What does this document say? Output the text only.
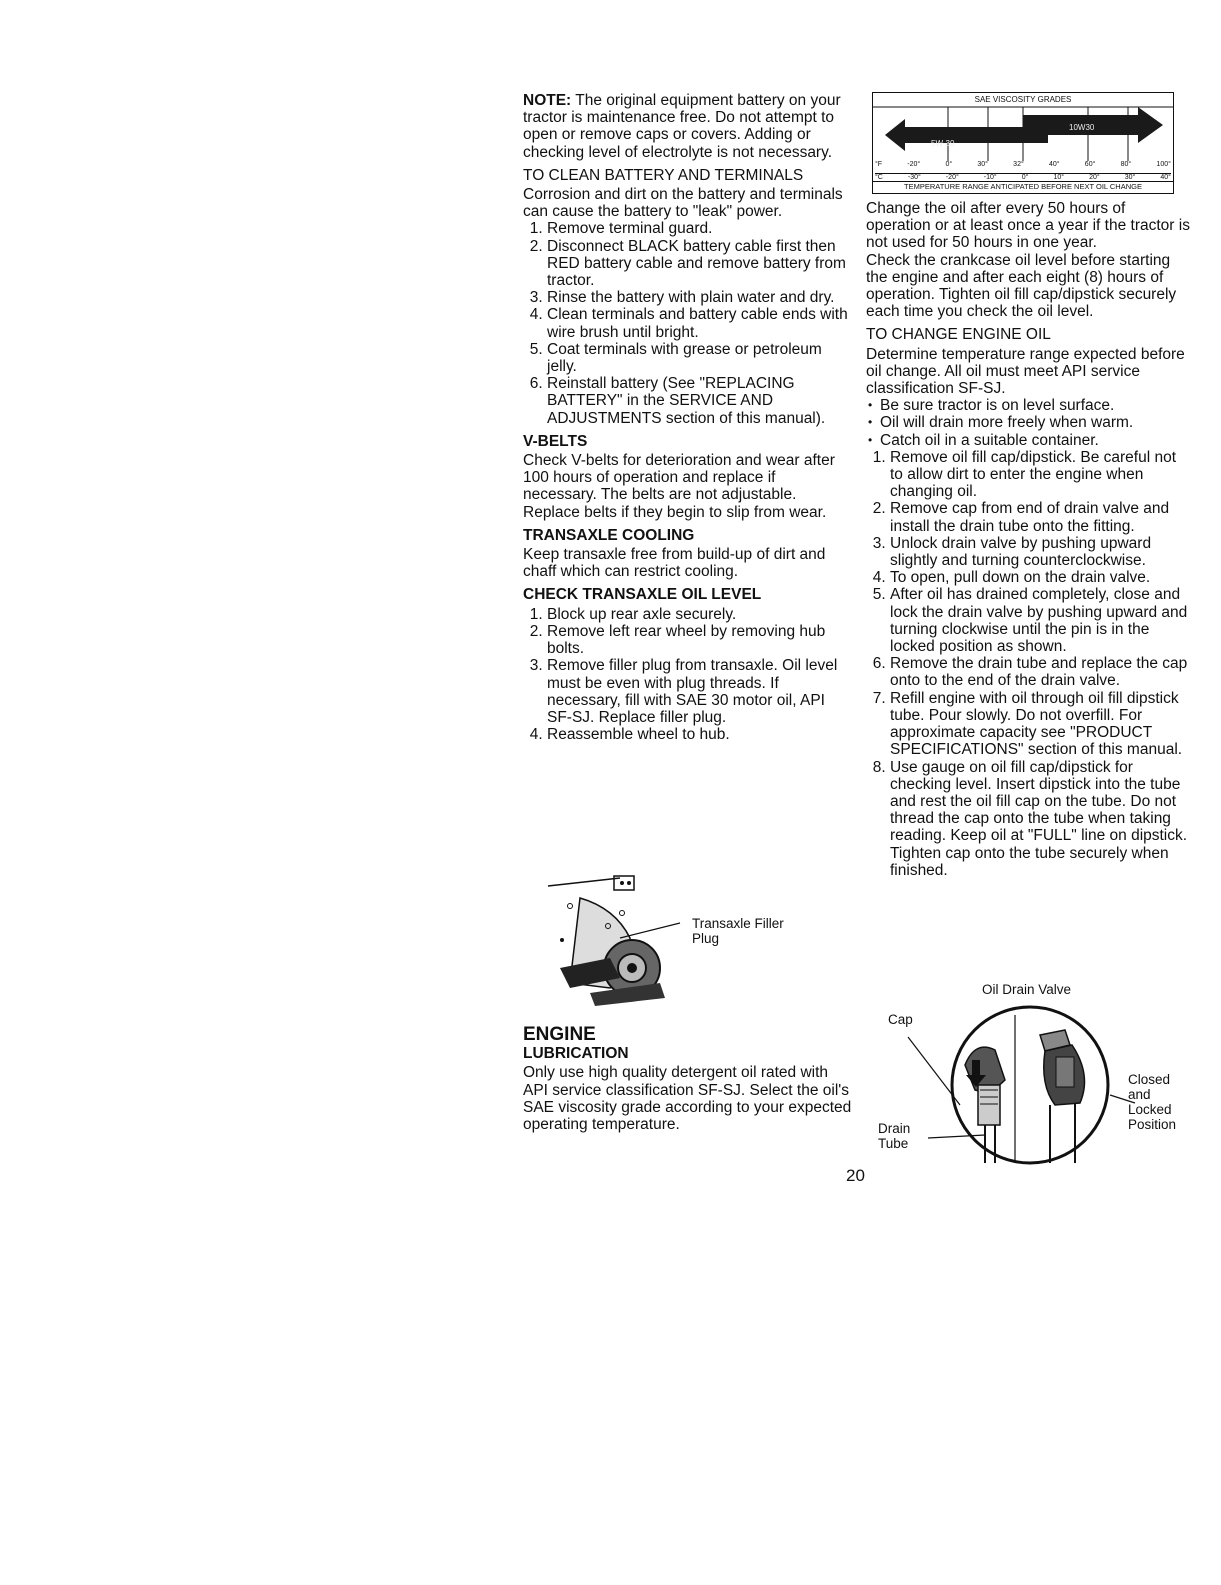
NOTE: The original equipment battery on your tractor is maintenance free. Do not attempt to open or remove caps or covers. Adding or checking level of electrolyte is not necessary.

TO CLEAN BATTERY AND TERMINALS

Corrosion and dirt on the battery and terminals can cause the battery to "leak" power.

1. Remove terminal guard.
2. Disconnect BLACK battery cable first then RED battery cable and remove battery from tractor.
3. Rinse the battery with plain water and dry.
4. Clean terminals and battery cable ends with wire brush until bright.
5. Coat terminals with grease or petroleum jelly.
6. Reinstall battery (See "REPLACING BATTERY" in the SERVICE AND ADJUSTMENTS section of this manual).
V-BELTS

Check V-belts for deterioration and wear after 100 hours of operation and replace if necessary. The belts are not adjustable. Replace belts if they begin to slip from wear.

TRANSAXLE COOLING

Keep transaxle free from build-up of dirt and chaff which can restrict cooling.

CHECK TRANSAXLE OIL LEVEL
1. Block up rear axle securely.
2. Remove left rear wheel by removing hub bolts.
3. Remove filler plug from transaxle. Oil level must be even with plug threads. If necessary, fill with SAE 30 motor oil, API SF-SJ. Replace filler plug.
4. Reassemble wheel to hub.
Transaxle Filler Plug
ENGINE
LUBRICATION

Only use high quality detergent oil rated with API service classification SF-SJ. Select the oil's SAE viscosity grade according to your expected operating temperature.

SAE VISCOSITY GRADES
5W-30
10W30
°F	-20°	0°	30°	32°	40°	60°	80°	100°
°C	-30°	-20°	-10°	0°	10°	20°	30°	40°
TEMPERATURE RANGE ANTICIPATED BEFORE NEXT OIL CHANGE

Change the oil after every 50 hours of operation or at least once a year if the tractor is not used for 50 hours in one year.

Check the crankcase oil level before starting the engine and after each eight (8) hours of operation. Tighten oil fill cap/dipstick securely each time you check the oil level.

TO CHANGE ENGINE OIL

Determine temperature range expected before oil change. All oil must meet API service classification SF-SJ.

• Be sure tractor is on level surface.
• Oil will drain more freely when warm.
• Catch oil in a suitable container.
1. Remove oil fill cap/dipstick. Be careful not to allow dirt to enter the engine when changing oil.
2. Remove cap from end of drain valve and install the drain tube onto the fitting.
3. Unlock drain valve by pushing upward slightly and turning counterclockwise.
4. To open, pull down on the drain valve.
5. After oil has drained completely, close and lock the drain valve by pushing upward and turning clockwise until the pin is in the locked position as shown.
6. Remove the drain tube and replace the cap onto to the end of the drain valve.
7. Refill engine with oil through oil fill dipstick tube. Pour slowly. Do not overfill. For approximate capacity see "PRODUCT SPECIFICATIONS" section of this manual.
8. Use gauge on oil fill cap/dipstick for checking level. Insert dipstick into the tube and rest the oil fill cap on the tube. Do not thread the cap onto the tube when taking reading. Keep oil at "FULL" line on dipstick. Tighten cap onto the tube securely when finished.
Oil Drain Valve
Cap
Drain Tube
Closed and Locked Position
20
